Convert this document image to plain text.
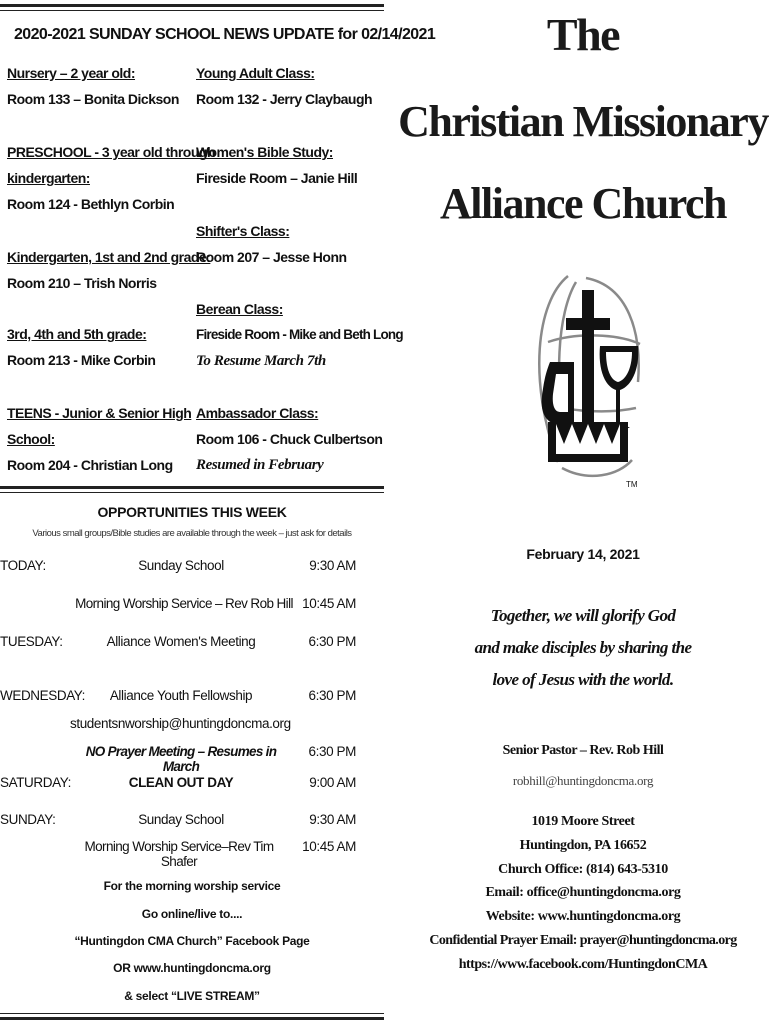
2020-2021 SUNDAY SCHOOL NEWS UPDATE for 02/14/2021
Nursery – 2 year old:
Room 133 – Bonita Dickson
PRESCHOOL - 3 year old through
kindergarten:
Room 124 - Bethlyn Corbin
Kindergarten, 1st and 2nd grade:
Room 210 – Trish Norris
3rd, 4th and 5th grade:
Room 213 - Mike Corbin
TEENS - Junior & Senior High
School:
Room 204 - Christian Long
Young Adult Class:
Room 132 - Jerry Claybaugh
Women's Bible Study:
Fireside Room – Janie Hill
Shifter's Class:
Room 207 – Jesse Honn
Berean Class:
Fireside Room - Mike and Beth Long
To Resume March 7th
Ambassador Class:
Room 106 - Chuck Culbertson
Resumed in February
OPPORTUNITIES THIS WEEK
Various small groups/Bible studies are available through the week – just ask for details
TODAY:	Sunday School	9:30 AM
Morning Worship Service – Rev Rob Hill 10:45 AM
TUESDAY:	Alliance Women's Meeting	6:30 PM
WEDNESDAY:	Alliance Youth Fellowship	6:30 PM
studentsnworship@huntingdoncma.org
NO Prayer Meeting – Resumes in March
6:30 PM
SATURDAY:	CLEAN OUT DAY	9:00 AM
SUNDAY:	Sunday School	9:30 AM
Morning Worship Service–Rev Tim Shafer
10:45 AM
For the morning worship service
Go online/live to....
“Huntingdon CMA Church” Facebook Page
OR www.huntingdoncma.org
& select “LIVE STREAM”
The
Christian Missionary
Alliance Church
TM
February 14, 2021
Together, we will glorify God
and make disciples by sharing the
love of Jesus with the world.
Senior Pastor – Rev. Rob Hill
robhill@huntingdoncma.org
1019 Moore Street
Huntingdon, PA 16652
Church Office: (814) 643-5310
Email: office@huntingdoncma.org
Website: www.huntingdoncma.org
Confidential Prayer Email: prayer@huntingdoncma.org
https://www.facebook.com/HuntingdonCMA
